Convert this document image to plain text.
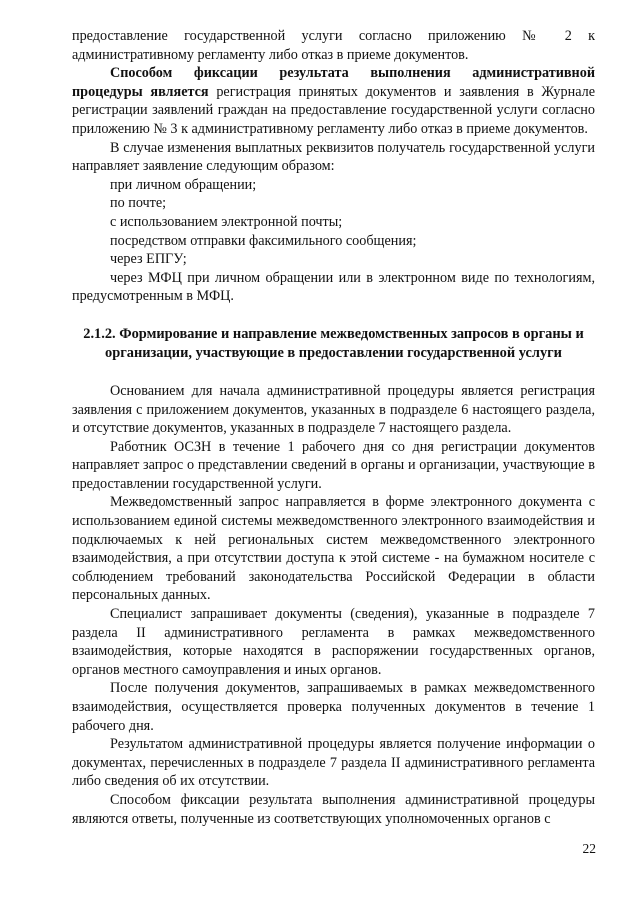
предоставление государственной услуги согласно приложению № 2 к административному регламенту либо отказ в приеме документов.

Способом фиксации результата выполнения административной процедуры является регистрация принятых документов и заявления в Журнале регистрации заявлений граждан на предоставление государственной услуги согласно приложению № 3 к административному регламенту либо отказ в приеме документов.

В случае изменения выплатных реквизитов получатель государственной услуги направляет заявление следующим образом:

при личном обращении;

по почте;

с использованием электронной почты;

посредством отправки факсимильного сообщения;

через ЕПГУ;

через МФЦ при личном обращении или в электронном виде по технологиям, предусмотренным в МФЦ.

2.1.2. Формирование и направление межведомственных запросов в органы и организации, участвующие в предоставлении государственной услуги

Основанием для начала административной процедуры является регистрация заявления с приложением документов, указанных в подразделе 6 настоящего раздела, и отсутствие документов, указанных в подразделе 7 настоящего раздела.

Работник ОСЗН в течение 1 рабочего дня со дня регистрации документов направляет запрос о представлении сведений в органы и организации, участвующие в предоставлении государственной услуги.

Межведомственный запрос направляется в форме электронного документа с использованием единой системы межведомственного электронного взаимодействия и подключаемых к ней региональных систем межведомственного электронного взаимодействия, а при отсутствии доступа к этой системе - на бумажном носителе с соблюдением требований законодательства Российской Федерации в области персональных данных.

Специалист запрашивает документы (сведения), указанные в подразделе 7 раздела II административного регламента в рамках межведомственного взаимодействия, которые находятся в распоряжении государственных органов, органов местного самоуправления и иных органов.

После получения документов, запрашиваемых в рамках межведомственного взаимодействия, осуществляется проверка полученных документов в течение 1 рабочего дня.

Результатом административной процедуры является получение информации о документах, перечисленных в подразделе 7 раздела II административного регламента либо сведения об их отсутствии.

Способом фиксации результата выполнения административной процедуры являются ответы, полученные из соответствующих уполномоченных органов с

22
